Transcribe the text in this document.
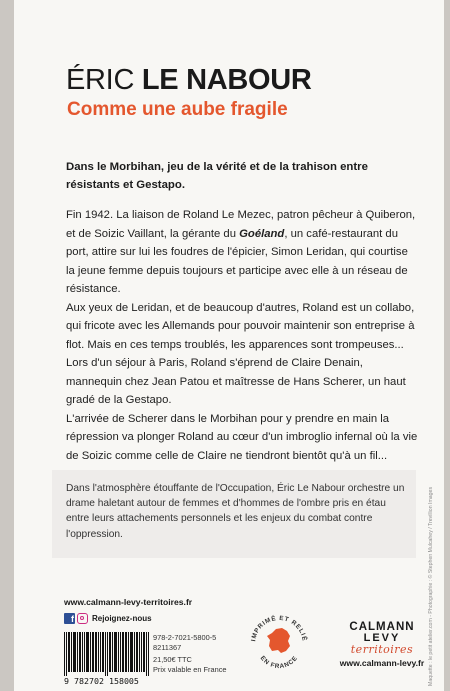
ÉRIC LE NABOUR
Comme une aube fragile

Dans le Morbihan, jeu de la vérité et de la trahison entre résistants et Gestapo.

Fin 1942. La liaison de Roland Le Mezec, patron pêcheur à Quiberon, et de Soizic Vaillant, la gérante du Goéland, un café-restaurant du port, attire sur lui les foudres de l'épicier, Simon Leridan, qui courtise la jeune femme depuis toujours et participe avec elle à un réseau de résistance.

Aux yeux de Leridan, et de beaucoup d'autres, Roland est un collabo, qui fricote avec les Allemands pour pouvoir maintenir son entreprise à flot. Mais en ces temps troublés, les apparences sont trompeuses...

Lors d'un séjour à Paris, Roland s'éprend de Claire Denain, mannequin chez Jean Patou et maîtresse de Hans Scherer, un haut gradé de la Gestapo.

L'arrivée de Scherer dans le Morbihan pour y prendre en main la répression va plonger Roland au cœur d'un imbroglio infernal où la vie de Soizic comme celle de Claire ne tiendront bientôt qu'à un fil...

Dans l'atmosphère étouffante de l'Occupation, Éric Le Nabour orchestre un drame haletant autour de femmes et d'hommes de l'ombre pris en étau entre leurs attachements personnels et les enjeux du combat contre l'oppression.	Maquette : le petit atelier.com - Photographie : © Stephen Mulcahey / Trevillion Images

www.calmann-levy-territoires.fr

f Rejoignez-nous

9 782702 158005

978-2-7021-5800-5

8211367

21,50€ TTC

Prix valable en France

IMPRIMÉ ET RELIÉ
EN FRANCE

CALMANN

LEVY

territoires

www.calmann-levy.fr
